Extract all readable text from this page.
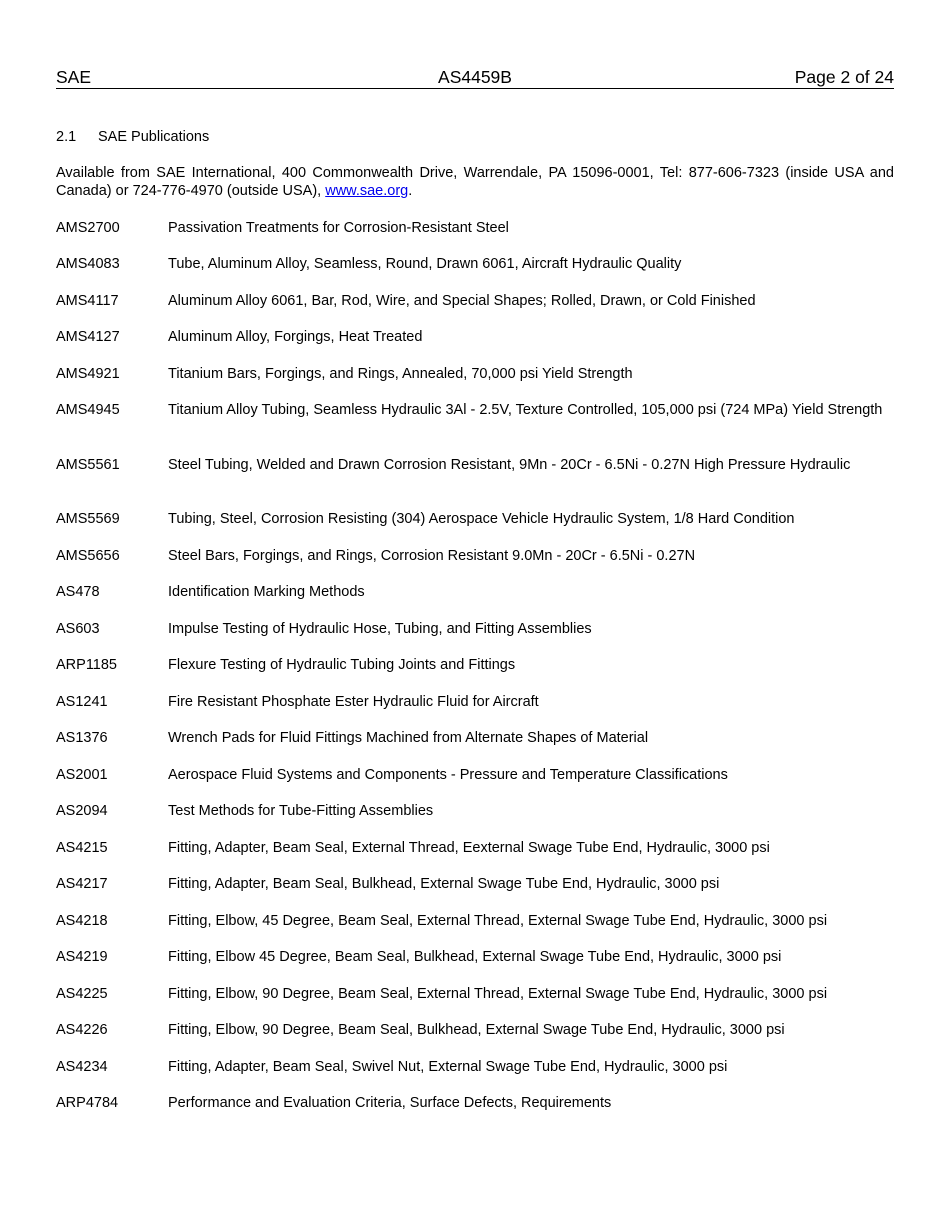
SAE	AS4459B	Page 2 of 24
2.1 SAE Publications
Available from SAE International, 400 Commonwealth Drive, Warrendale, PA 15096-0001, Tel: 877-606-7323 (inside USA and Canada) or 724-776-4970 (outside USA), www.sae.org.
AMS2700	Passivation Treatments for Corrosion-Resistant Steel
AMS4083	Tube, Aluminum Alloy, Seamless, Round, Drawn 6061, Aircraft Hydraulic Quality
AMS4117	Aluminum Alloy 6061, Bar, Rod, Wire, and Special Shapes; Rolled, Drawn, or Cold Finished
AMS4127	Aluminum Alloy, Forgings, Heat Treated
AMS4921	Titanium Bars, Forgings, and Rings, Annealed, 70,000 psi Yield Strength
AMS4945	Titanium Alloy Tubing, Seamless Hydraulic 3Al - 2.5V, Texture Controlled, 105,000 psi (724 MPa) Yield Strength
AMS5561	Steel Tubing, Welded and Drawn Corrosion Resistant, 9Mn - 20Cr - 6.5Ni - 0.27N High Pressure Hydraulic
AMS5569	Tubing, Steel, Corrosion Resisting (304) Aerospace Vehicle Hydraulic System, 1/8 Hard Condition
AMS5656	Steel Bars, Forgings, and Rings, Corrosion Resistant 9.0Mn - 20Cr - 6.5Ni - 0.27N
AS478	Identification Marking Methods
AS603	Impulse Testing of Hydraulic Hose, Tubing, and Fitting Assemblies
ARP1185	Flexure Testing of Hydraulic Tubing Joints and Fittings
AS1241	Fire Resistant Phosphate Ester Hydraulic Fluid for Aircraft
AS1376	Wrench Pads for Fluid Fittings Machined from Alternate Shapes of Material
AS2001	Aerospace Fluid Systems and Components - Pressure and Temperature Classifications
AS2094	Test Methods for Tube-Fitting Assemblies
AS4215	Fitting, Adapter, Beam Seal, External Thread, Eexternal Swage Tube End, Hydraulic, 3000 psi
AS4217	Fitting, Adapter, Beam Seal, Bulkhead, External Swage Tube End, Hydraulic, 3000 psi
AS4218	Fitting, Elbow, 45 Degree, Beam Seal, External Thread, External Swage Tube End, Hydraulic, 3000 psi
AS4219	Fitting, Elbow 45 Degree, Beam Seal, Bulkhead, External Swage Tube End, Hydraulic, 3000 psi
AS4225	Fitting, Elbow, 90 Degree, Beam Seal, External Thread, External Swage Tube End, Hydraulic, 3000 psi
AS4226	Fitting, Elbow, 90 Degree, Beam Seal, Bulkhead, External Swage Tube End, Hydraulic, 3000 psi
AS4234	Fitting, Adapter, Beam Seal, Swivel Nut, External Swage Tube End, Hydraulic, 3000 psi
ARP4784	Performance and Evaluation Criteria, Surface Defects, Requirements
